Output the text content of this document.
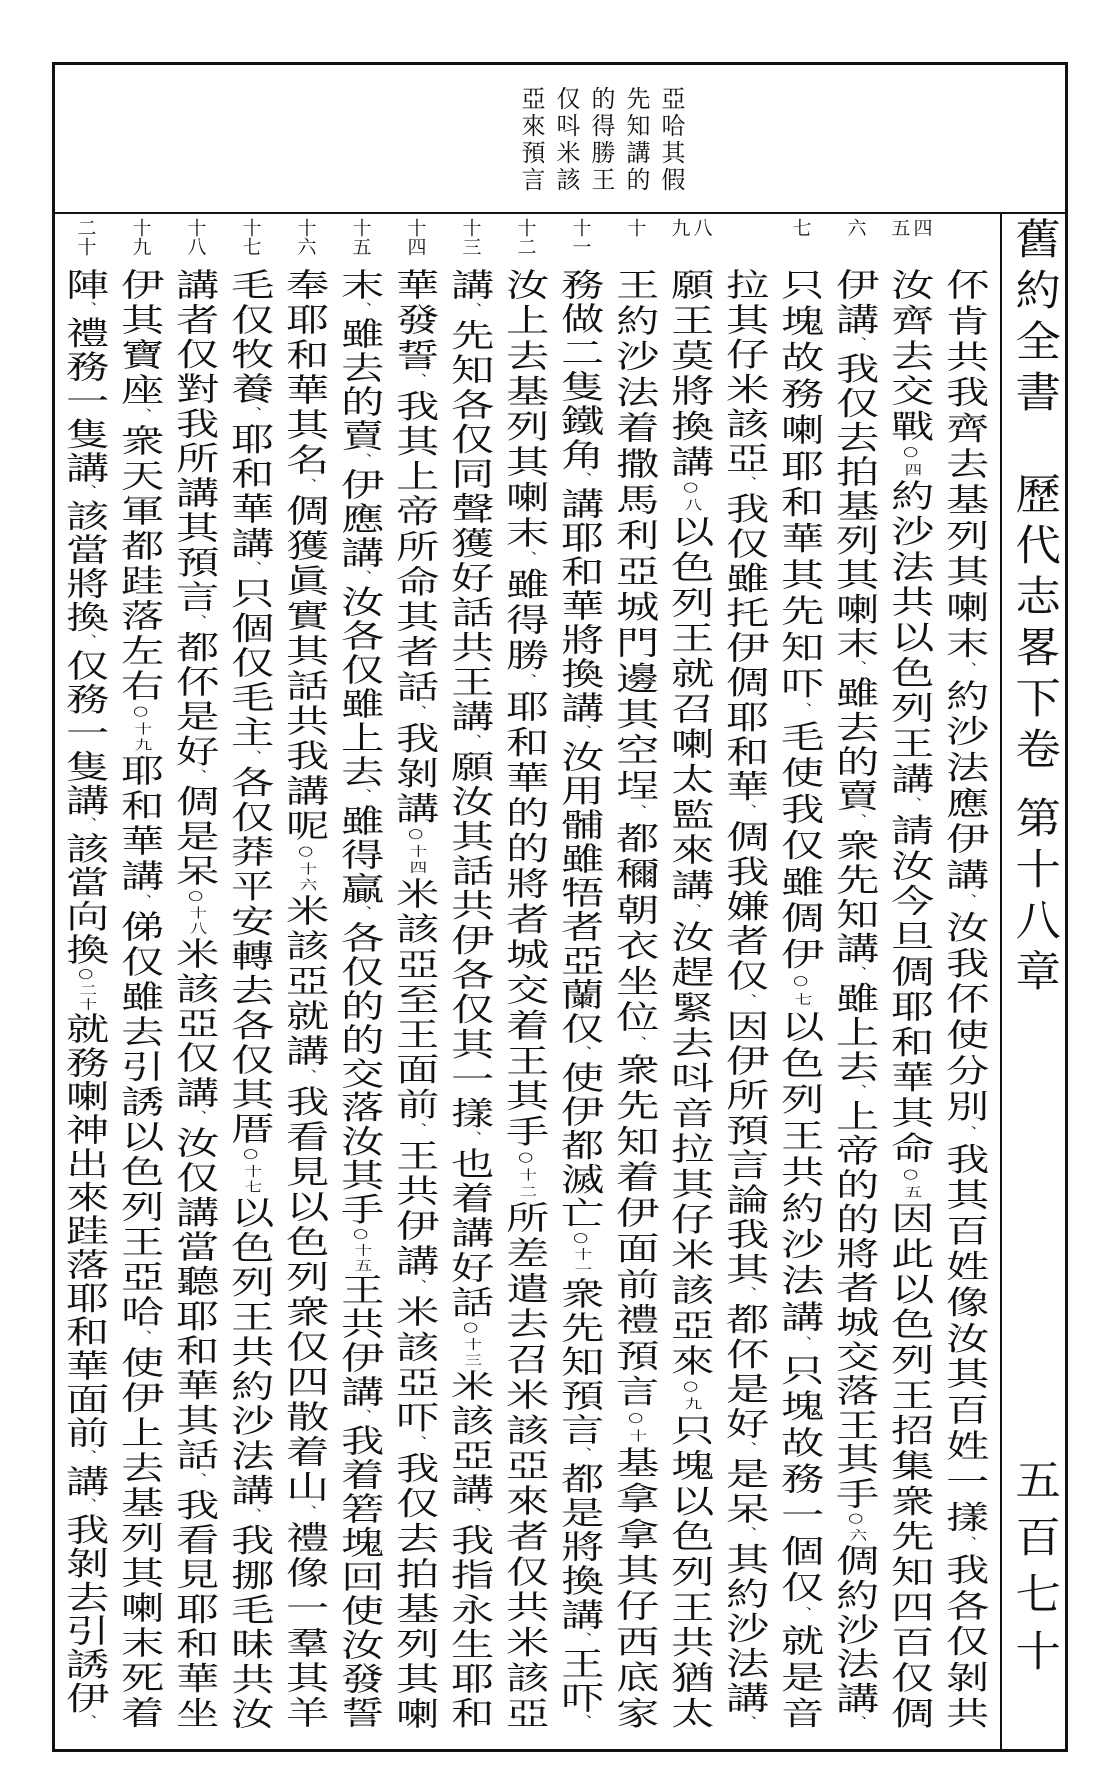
亞哈其假
先知講的
的得勝王
仅呌米該
亞來預言
舊約全書
歷代志畧下卷
第十八章
五百七十
伓肯共我齊去基列其喇末、約沙法應伊講、汝我伓使分別、我其百姓像汝其百姓一㨾、我各仅剝共
四
五
汝齊去交戰○四約沙法共以色列王講、請汝今旦倜耶和華其命○五因此以色列王招集衆先知四百仅倜
六
伊講、我仅去拍基列其喇末、雖去的賣、衆先知講、雖上去、上帝的的將者城交落王其手○六倜約沙法講、
七
只塊故務喇耶和華其先知吓、毛使我仅雖倜伊○七以色列王共約沙法講、只塊故務一個仅、就是音
拉其仔米該亞、我仅雖托伊倜耶和華、倜我嫌者仅、因伊所預言論我其、都伓是好、是呆、其約沙法講、
八
九
願王莫將換講○八以色列王就召喇太監來講、汝趕緊去呌音拉其仔米該亞來○九只塊以色列王共猶太
十
王約沙法着撒馬利亞城門邊其空埕、都穪朝衣坐位、衆先知着伊面前禮預言○十基拿拿其仔西底家
十一
務做二隻鐵角、講耶和華將換講、汝用䯙雖牾者亞蘭仅、使伊都滅亡○十一衆先知預言、都是將換講、王吓、
十二
汝上去基列其喇末、雖得勝、耶和華的的將者城交着王其手○十二所差遣去召米該亞來者仅共米該亞
十三
講、先知各仅同聲獲好話共王講、願汝其話共伊各仅其一㨾、也着講好話○十三米該亞講、我指永生耶和
十四
華發誓、我其上帝所命其者話、我剝講○十四米該亞至王面前、王共伊講、米該亞吓、我仅去拍基列其喇
十五
末、雖去的賣、伊應講、汝各仅雖上去、雖得贏、各仅的的交落汝其手○十五王共伊講、我着箬塊回使汝發誓
十六
奉耶和華其名、倜獲眞實其話共我講呢○十六米該亞就講、我看見以色列衆仅四散着山、禮像一羣其羊
十七
毛仅牧養、耶和華講、只個仅毛主、各仅莽平安轉去各仅其厝○十七以色列王共約沙法講、我挪毛昧共汝
十八
講者仅對我所講其預言、都伓是好、倜是呆○十八米該亞仅講、汝仅講當聽耶和華其話、我看見耶和華坐
十九
伊其寶座、衆天軍都跬落左右○十九耶和華講、俤仅雖去引誘以色列王亞哈、使伊上去基列其喇末死着
二十
陣、禮務一隻講、該當將換、仅務一隻講、該當向換○二十就務喇神出來跬落耶和華面前、講、我剝去引誘伊、
